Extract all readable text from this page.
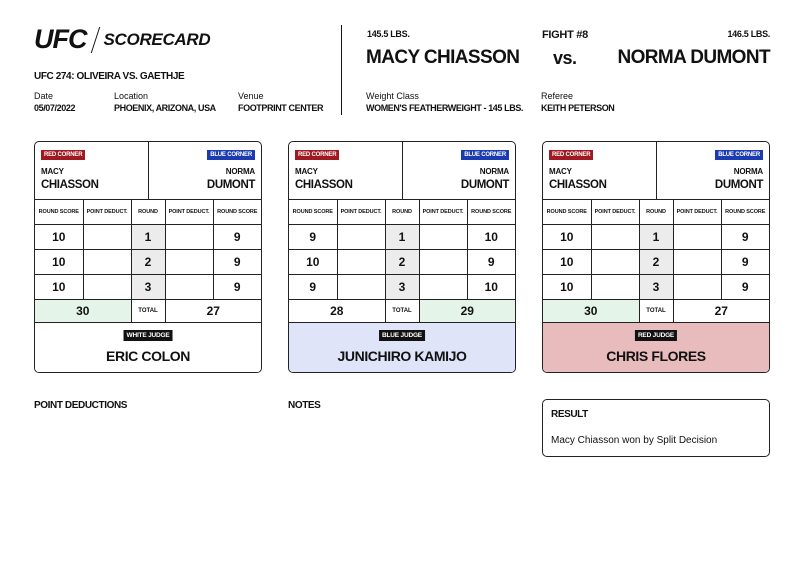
UFC SCORECARD
UFC 274: OLIVEIRA VS. GAETHJE
Date
05/07/2022
Location
PHOENIX, ARIZONA, USA
Venue
FOOTPRINT CENTER
145.5 LBS.	FIGHT #8	146.5 LBS.
MACY CHIASSON vs. NORMA DUMONT
Weight Class
WOMEN'S FEATHERWEIGHT - 145 LBS.
Referee
KEITH PETERSON
RED CORNER	BLUE CORNER
MACY
CHIASSON
NORMA
DUMONT
ROUND SCORE	POINT DEDUCT.	ROUND	POINT DEDUCT.	ROUND SCORE
10		1		9
10		2		9
10		3		9
30		TOTAL	27	
WHITE JUDGE
ERIC COLON
RED CORNER	BLUE CORNER
MACY
CHIASSON
NORMA
DUMONT
ROUND SCORE	POINT DEDUCT.	ROUND	POINT DEDUCT.	ROUND SCORE
9		1		10
10		2		9
9		3		10
28		TOTAL	29	
BLUE JUDGE
JUNICHIRO KAMIJO
RED CORNER	BLUE CORNER
MACY
CHIASSON
NORMA
DUMONT
ROUND SCORE	POINT DEDUCT.	ROUND	POINT DEDUCT.	ROUND SCORE
10		1		9
10		2		9
10		3		9
30		TOTAL	27	
RED JUDGE
CHRIS FLORES
POINT DEDUCTIONS	NOTES
RESULT
Macy Chiasson won by Split Decision
